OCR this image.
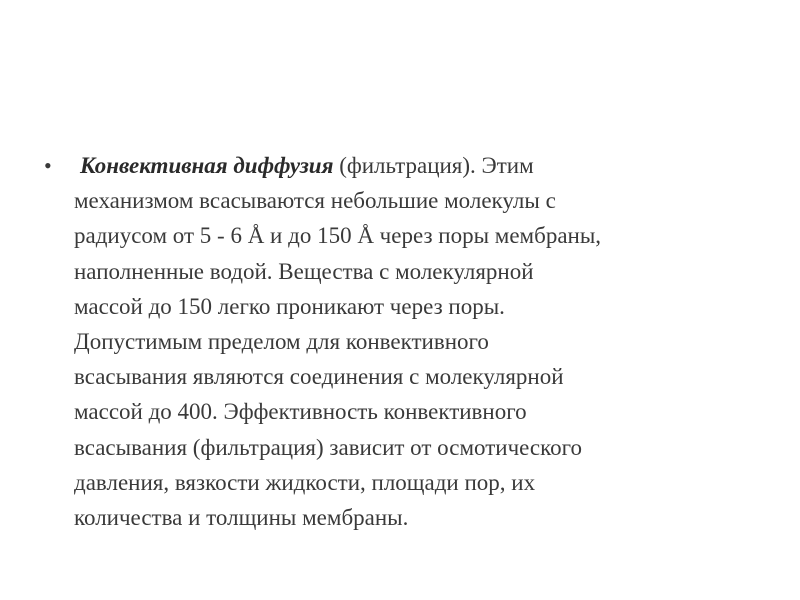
• Конвективная диффузия (фильтрация). Этим
механизмом всасываются небольшие молекулы с
радиусом от 5 - 6 Å и до 150 Å через поры мембраны,
наполненные водой. Вещества с молекулярной
массой до 150 легко проникают через поры.
Допустимым пределом для конвективного
всасывания являются соединения с молекулярной
массой до 400. Эффективность конвективного
всасывания (фильтрация) зависит от осмотического
давления, вязкости жидкости, площади пор, их
количества и толщины мембраны.
